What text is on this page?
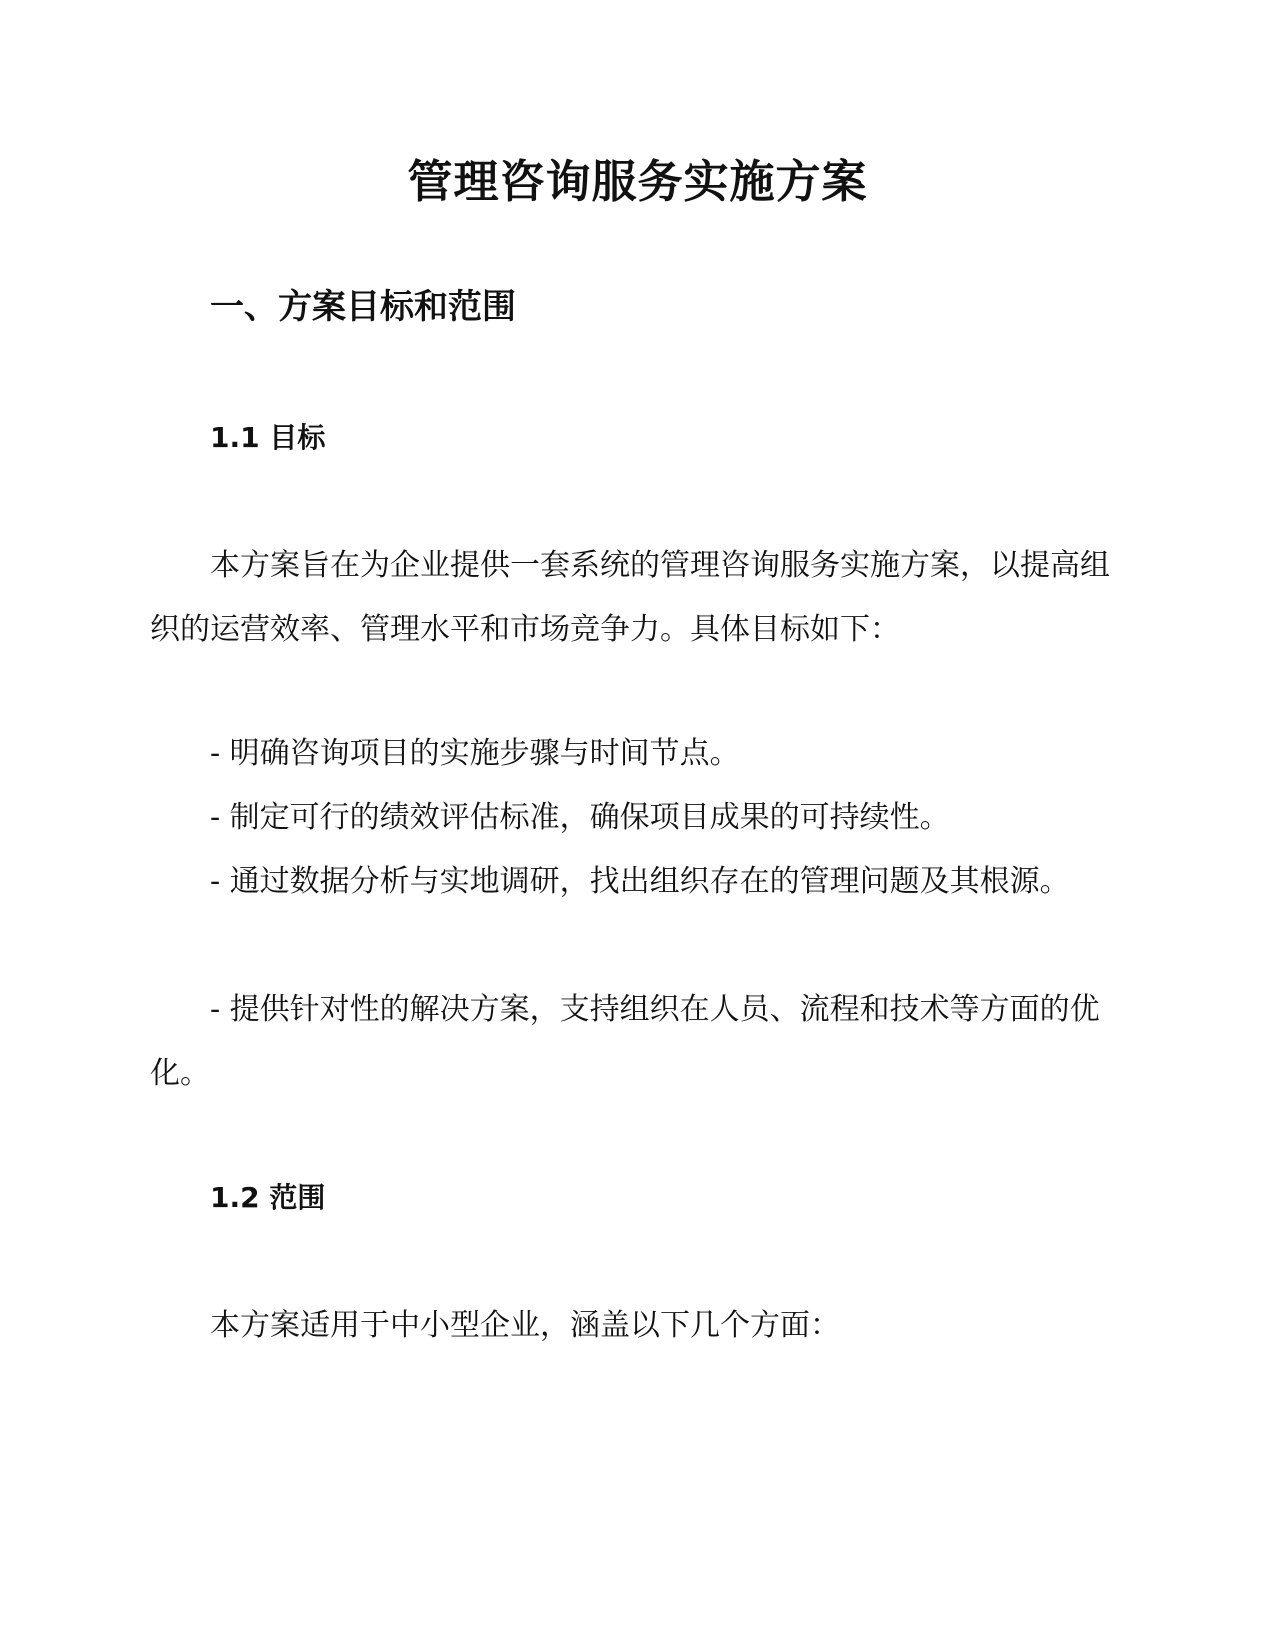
管理咨询服务实施方案
一、方案目标和范围
1.1 目标

本方案旨在为企业提供一套系统的管理咨询服务实施方案，以提高组织的运营效率、管理水平和市场竞争力。具体目标如下：

- 明确咨询项目的实施步骤与时间节点。

- 制定可行的绩效评估标准，确保项目成果的可持续性。

- 通过数据分析与实地调研，找出组织存在的管理问题及其根源。

- 提供针对性的解决方案，支持组织在人员、流程和技术等方面的优化。

1.2 范围

本方案适用于中小型企业，涵盖以下几个方面：
